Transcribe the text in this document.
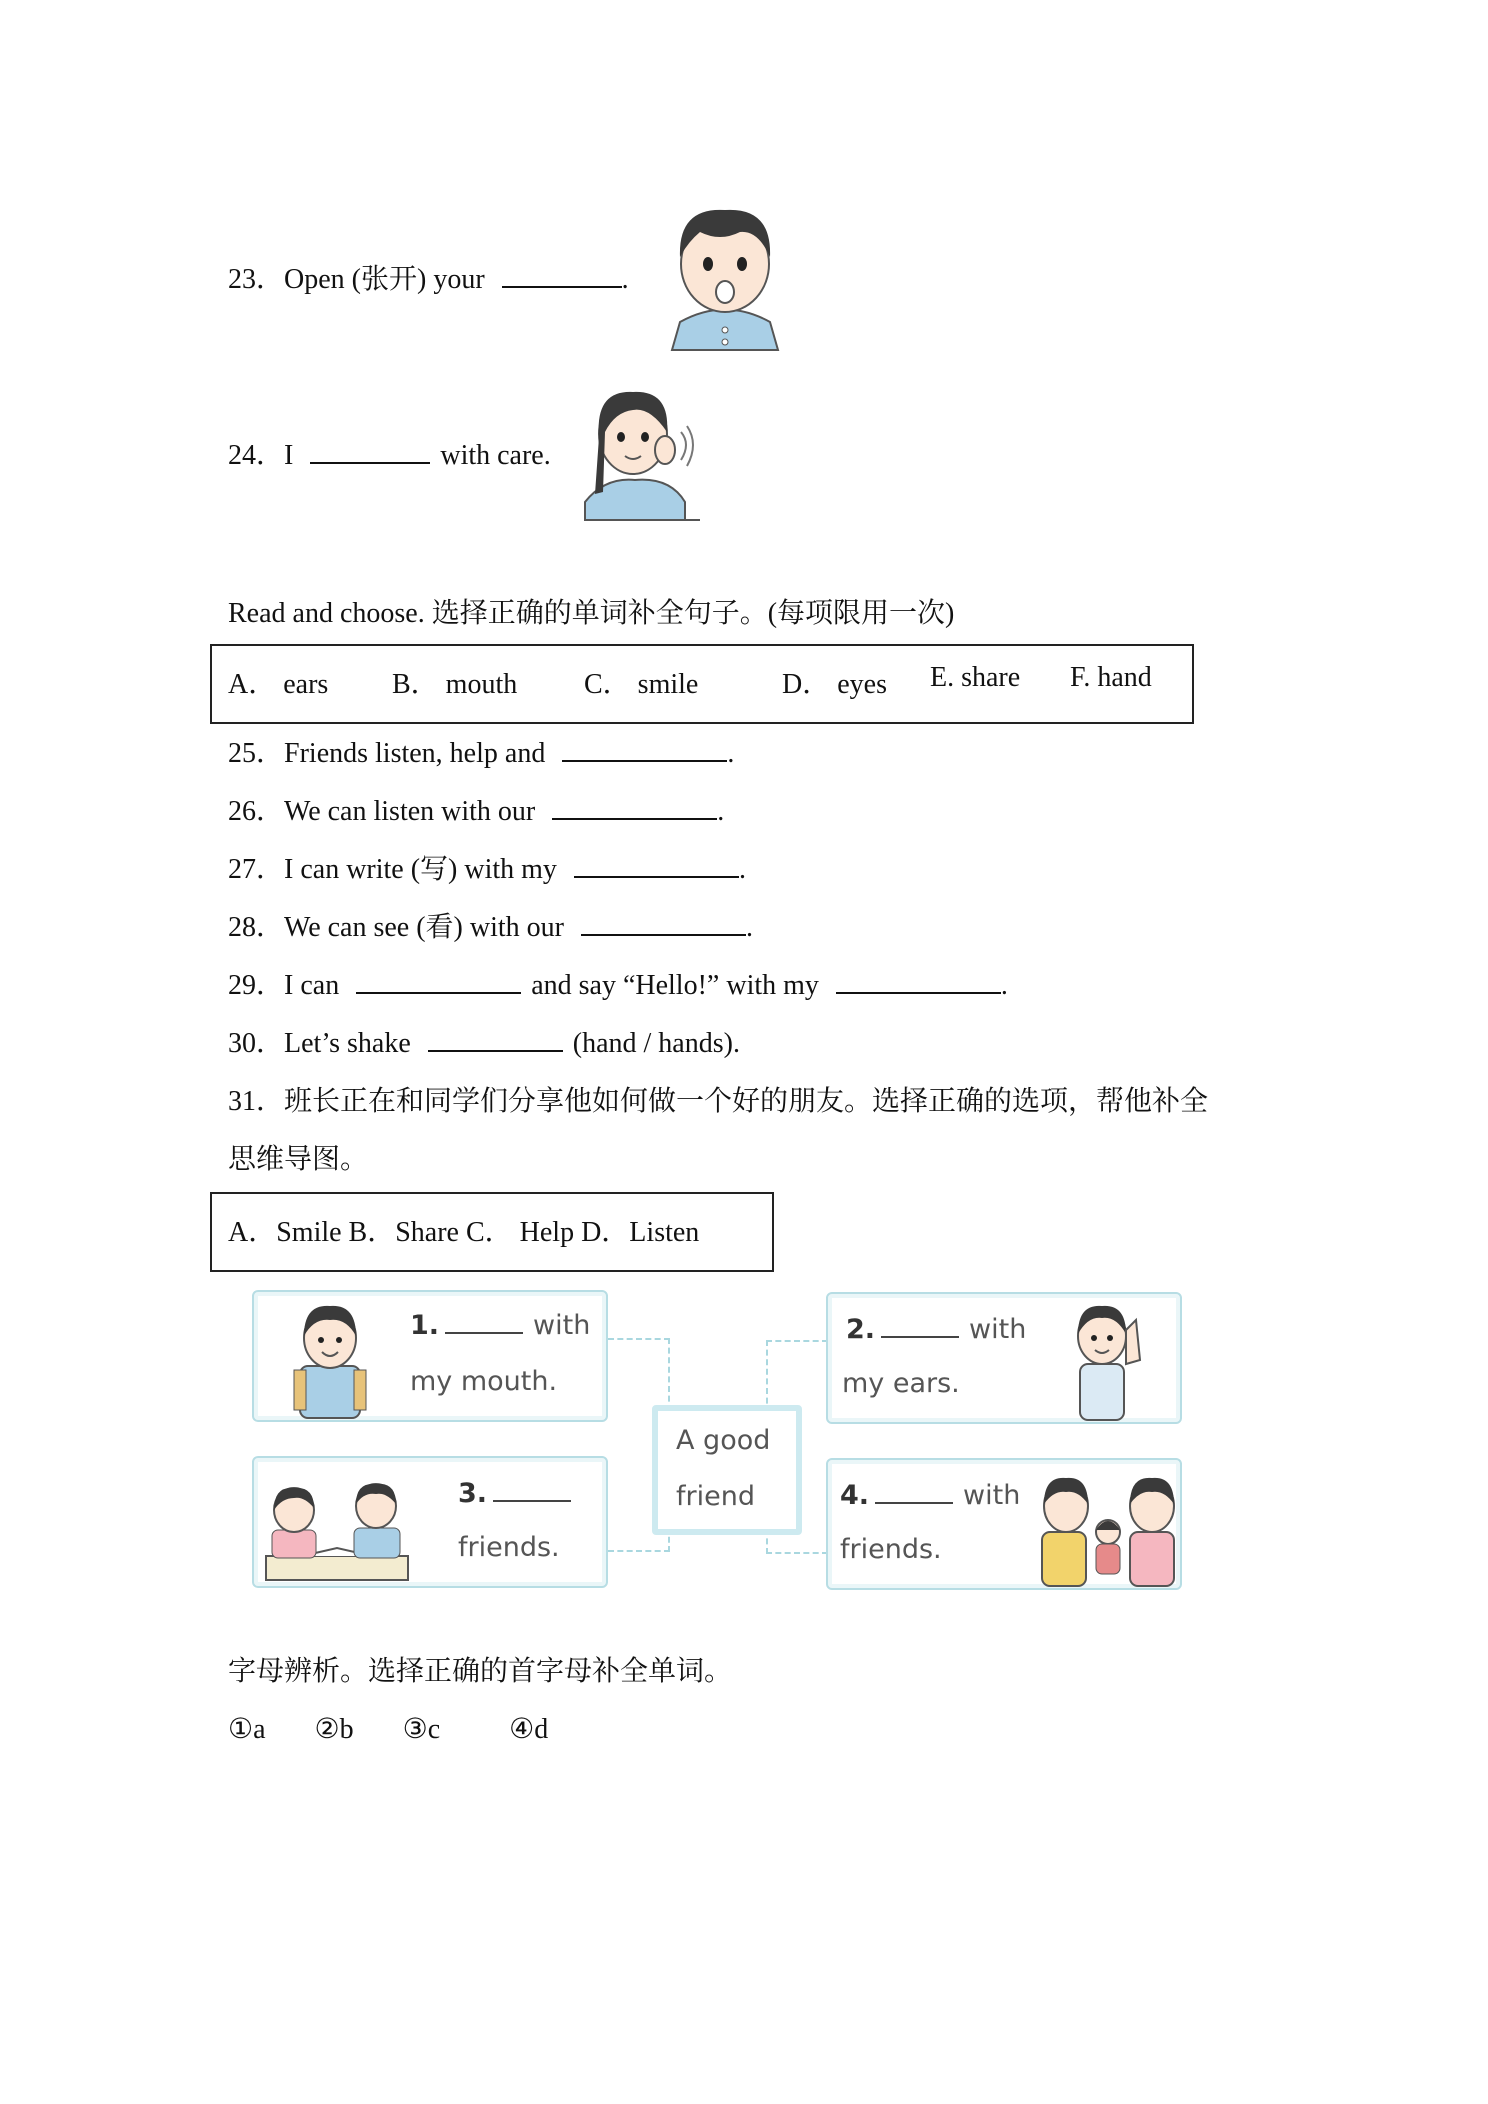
23．Open (张开) your	.
24．I	with care.
Read and choose. 选择正确的单词补全句子。(每项限用一次)
A． ears B． mouth C． smile	D． eyes E. share F. hand
25．Friends listen, help and	.
26．We can listen with our	.
27．I can write (写) with my	.
28．We can see (看) with our	.
29．I can	and say “Hello!” with my	.
30．Let’s shake	(hand / hands).
31．班长正在和同学们分享他如何做一个好的朋友。选择正确的选项，帮他补全
思维导图。
A．Smile B．Share C． Help D．Listen
A good
friend
1.	with
my mouth.
2.	with
my ears.
3.
friends.
4.	with
friends.
字母辨析。选择正确的首字母补全单词。
①a ②b ③c ④d
